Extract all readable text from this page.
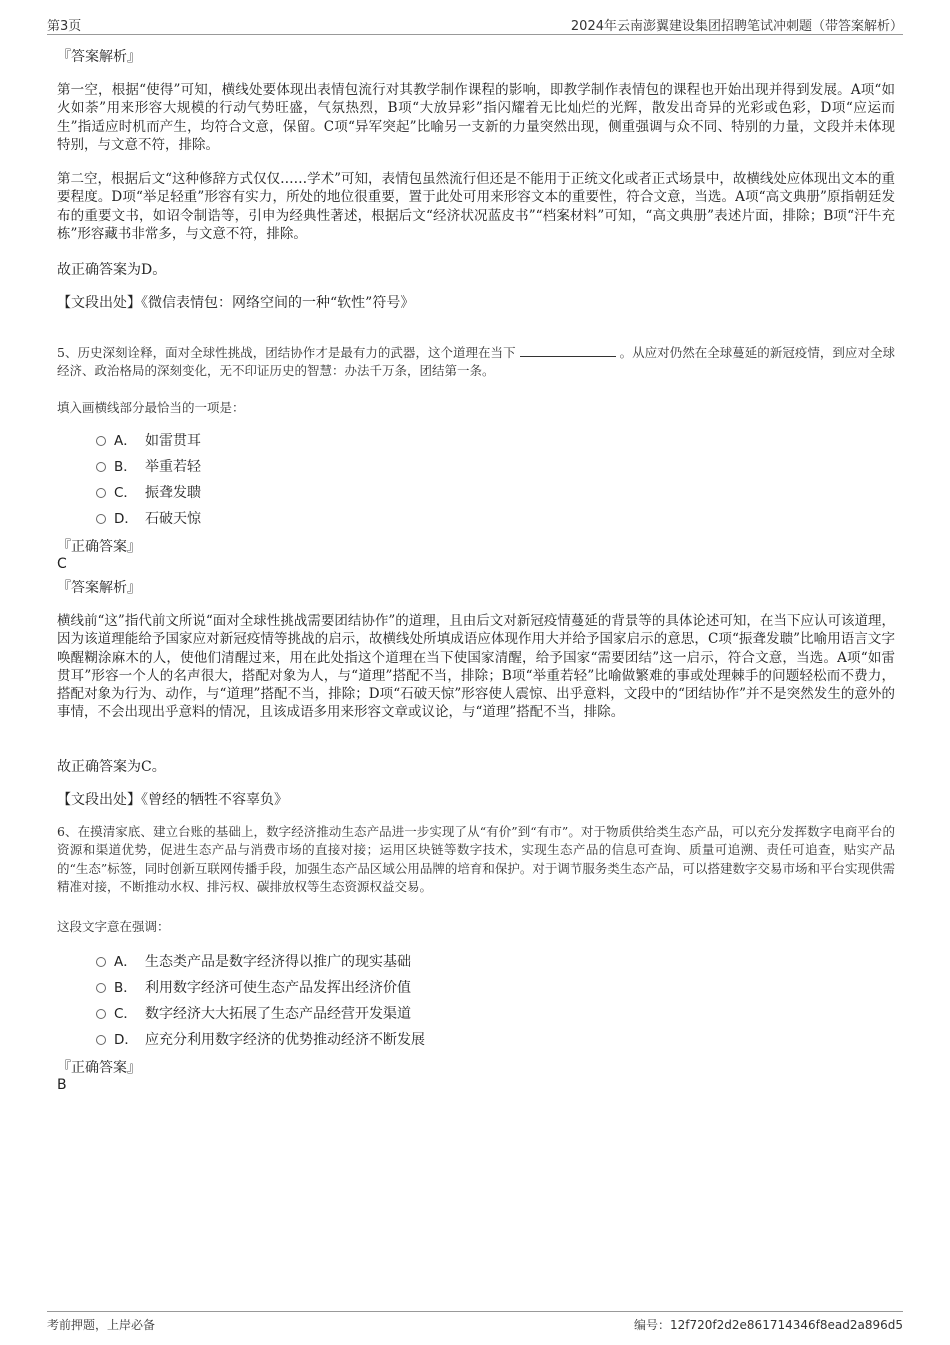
第3页	2024年云南澎翼建设集团招聘笔试冲刺题（带答案解析）
『答案解析』

第一空，根据“使得”可知，横线处要体现出表情包流行对其教学制作课程的影响，即教学制作表情包的课程也开始出现并得到发展。A项“如火如荼”用来形容大规模的行动气势旺盛，气氛热烈，B项“大放异彩”指闪耀着无比灿烂的光辉，散发出奇异的光彩或色彩，D项“应运而生”指适应时机而产生，均符合文意，保留。C项“异军突起”比喻另一支新的力量突然出现，侧重强调与众不同、特别的力量，文段并未体现特别，与文意不符，排除。

第二空，根据后文“这种修辞方式仅仅……学术”可知，表情包虽然流行但还是不能用于正统文化或者正式场景中，故横线处应体现出文本的重要程度。D项“举足轻重”形容有实力，所处的地位很重要，置于此处可用来形容文本的重要性，符合文意，当选。A项“高文典册”原指朝廷发布的重要文书，如诏令制诰等，引申为经典性著述，根据后文“经济状况蓝皮书”“档案材料”可知，“高文典册”表述片面，排除；B项“汗牛充栋”形容藏书非常多，与文意不符，排除。

故正确答案为D。
【文段出处】《微信表情包：网络空间的一种“软性”符号》

5、历史深刻诠释，面对全球性挑战，团结协作才是最有力的武器，这个道理在当下	。从应对仍然在全球蔓延的新冠疫情，到应对全球经济、政治格局的深刻变化，无不印证历史的智慧：办法千万条，团结第一条。

填入画横线部分最恰当的一项是：
A． 如雷贯耳
B． 举重若轻
C． 振聋发聩
D． 石破天惊
『正确答案』
C
『答案解析』

横线前“这”指代前文所说“面对全球性挑战需要团结协作”的道理，且由后文对新冠疫情蔓延的背景等的具体论述可知，在当下应认可该道理，因为该道理能给予国家应对新冠疫情等挑战的启示，故横线处所填成语应体现作用大并给予国家启示的意思，C项“振聋发聩”比喻用语言文字唤醒糊涂麻木的人，使他们清醒过来，用在此处指这个道理在当下使国家清醒，给予国家“需要团结”这一启示，符合文意，当选。A项“如雷贯耳”形容一个人的名声很大，搭配对象为人，与“道理”搭配不当，排除；B项“举重若轻”比喻做繁难的事或处理棘手的问题轻松而不费力，搭配对象为行为、动作，与“道理”搭配不当，排除；D项“石破天惊”形容使人震惊、出乎意料，文段中的“团结协作”并不是突然发生的意外的事情，不会出现出乎意料的情况，且该成语多用来形容文章或议论，与“道理”搭配不当，排除。

故正确答案为C。
【文段出处】《曾经的牺牲不容辜负》

6、在摸清家底、建立台账的基础上，数字经济推动生态产品进一步实现了从“有价”到“有市”。对于物质供给类生态产品，可以充分发挥数字电商平台的资源和渠道优势，促进生态产品与消费市场的直接对接；运用区块链等数字技术，实现生态产品的信息可查询、质量可追溯、责任可追查，贴实产品的“生态”标签，同时创新互联网传播手段，加强生态产品区域公用品牌的培育和保护。对于调节服务类生态产品，可以搭建数字交易市场和平台实现供需精准对接，不断推动水权、排污权、碳排放权等生态资源权益交易。

这段文字意在强调：
A． 生态类产品是数字经济得以推广的现实基础
B． 利用数字经济可使生态产品发挥出经济价值
C． 数字经济大大拓展了生态产品经营开发渠道
D． 应充分利用数字经济的优势推动经济不断发展
『正确答案』
B
考前押题，上岸必备	编号：12f720f2d2e861714346f8ead2a896d5
